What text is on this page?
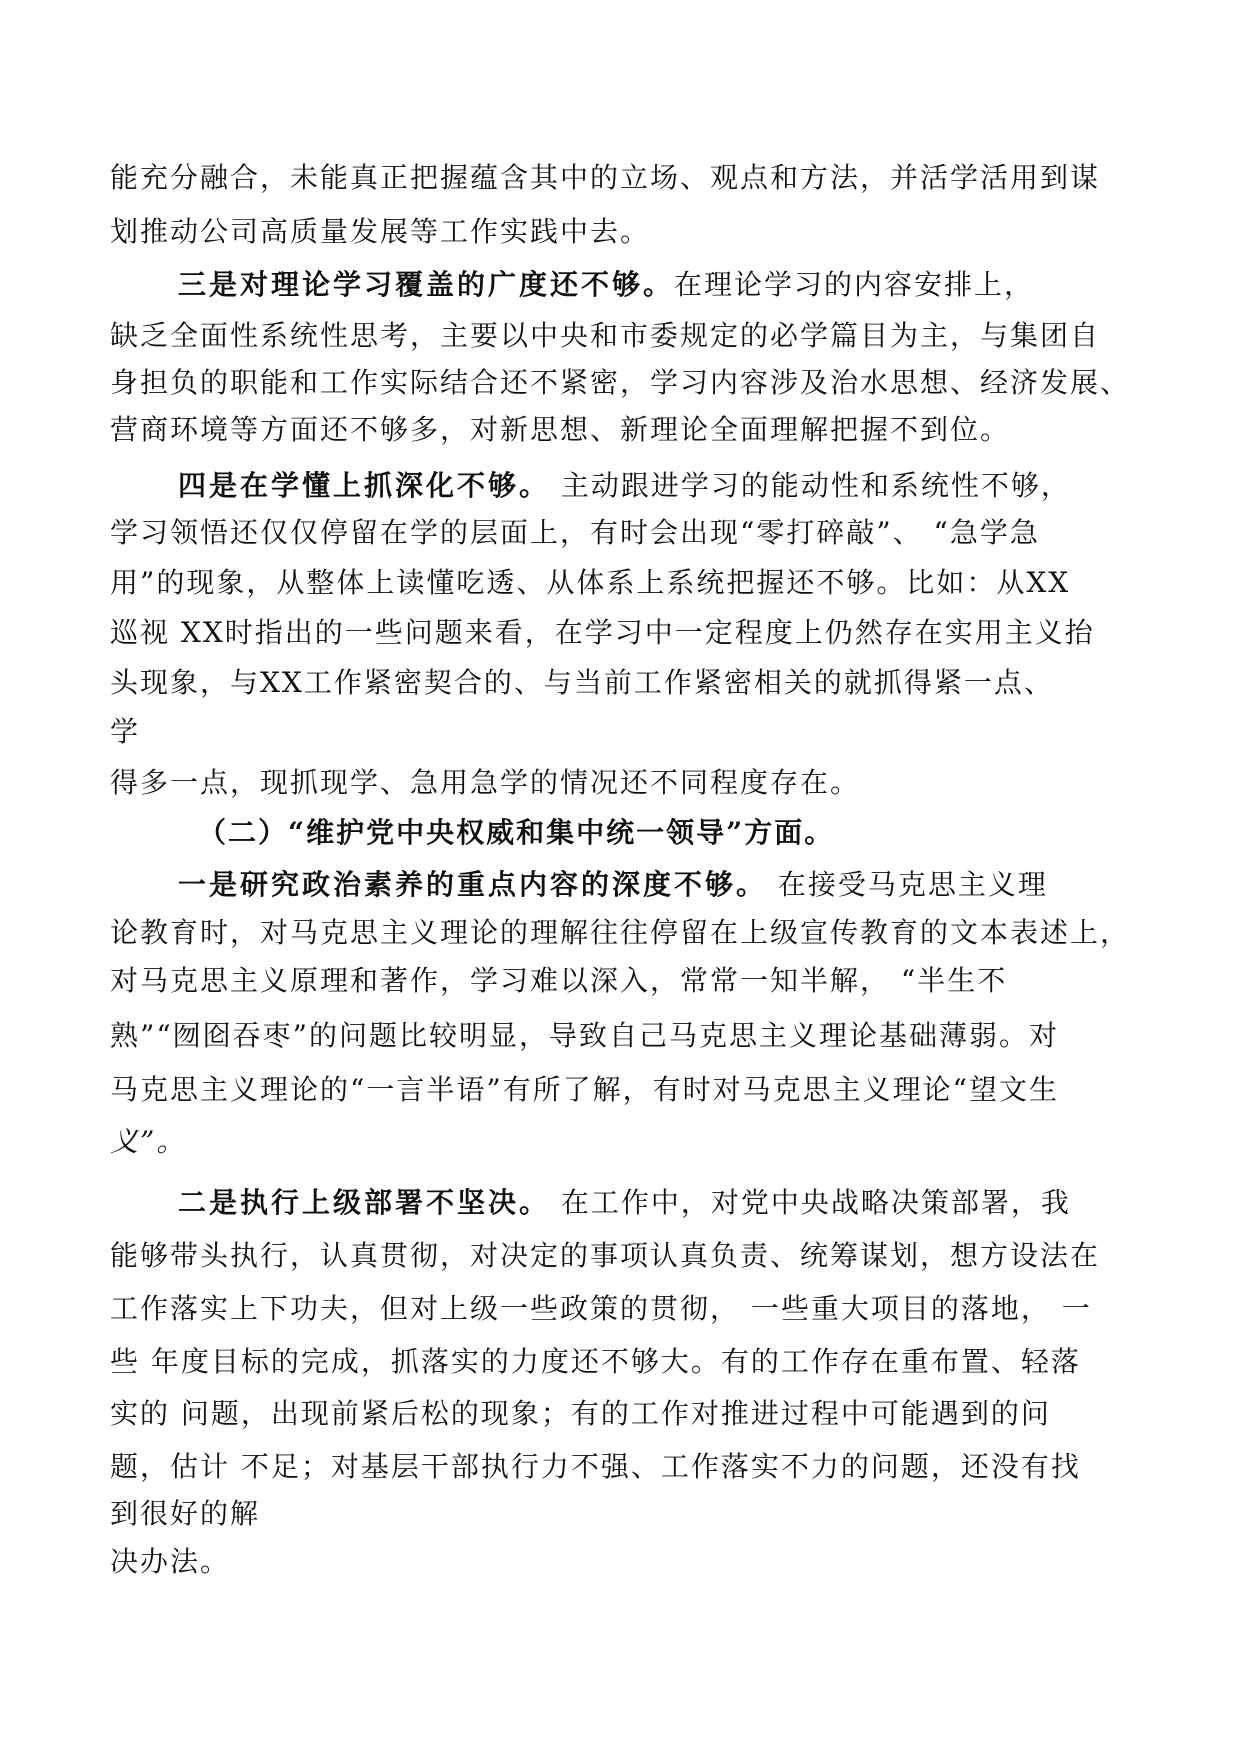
能充分融合，未能真正把握蕴含其中的立场、观点和方法，并活学活用到谋
划推动公司高质量发展等工作实践中去。
三是对理论学习覆盖的广度还不够。在理论学习的内容安排上，
缺乏全面性系统性思考，主要以中央和市委规定的必学篇目为主，与集团自
身担负的职能和工作实际结合还不紧密，学习内容涉及治水思想、经济发展、
营商环境等方面还不够多，对新思想、新理论全面理解把握不到位。
四是在学懂上抓深化不够。 主动跟进学习的能动性和系统性不够，
学习领悟还仅仅停留在学的层面上，有时会出现“零打碎敲”、 “急学急
用”的现象，从整体上读懂吃透、从体系上系统把握还不够。比如：从XX
巡视 XX时指出的一些问题来看，在学习中一定程度上仍然存在实用主义抬
头现象，与XX工作紧密契合的、与当前工作紧密相关的就抓得紧一点、
学
得多一点，现抓现学、急用急学的情况还不同程度存在。
（二）“维护党中央权威和集中统一领导”方面。
一是研究政治素养的重点内容的深度不够。 在接受马克思主义理
论教育时，对马克思主义理论的理解往往停留在上级宣传教育的文本表述上，
对马克思主义原理和著作，学习难以深入，常常一知半解， “半生不
熟”“囫囵吞枣”的问题比较明显，导致自己马克思主义理论基础薄弱。对
马克思主义理论的“一言半语”有所了解，有时对马克思主义理论“望文生
义”。
二是执行上级部署不坚决。 在工作中，对党中央战略决策部署，我
能够带头执行，认真贯彻，对决定的事项认真负责、统筹谋划，想方设法在
工作落实上下功夫，但对上级一些政策的贯彻， 一些重大项目的落地， 一
些 年度目标的完成，抓落实的力度还不够大。有的工作存在重布置、轻落
实的 问题，出现前紧后松的现象；有的工作对推进过程中可能遇到的问
题，估计 不足；对基层干部执行力不强、工作落实不力的问题，还没有找
到很好的解
决办法。
